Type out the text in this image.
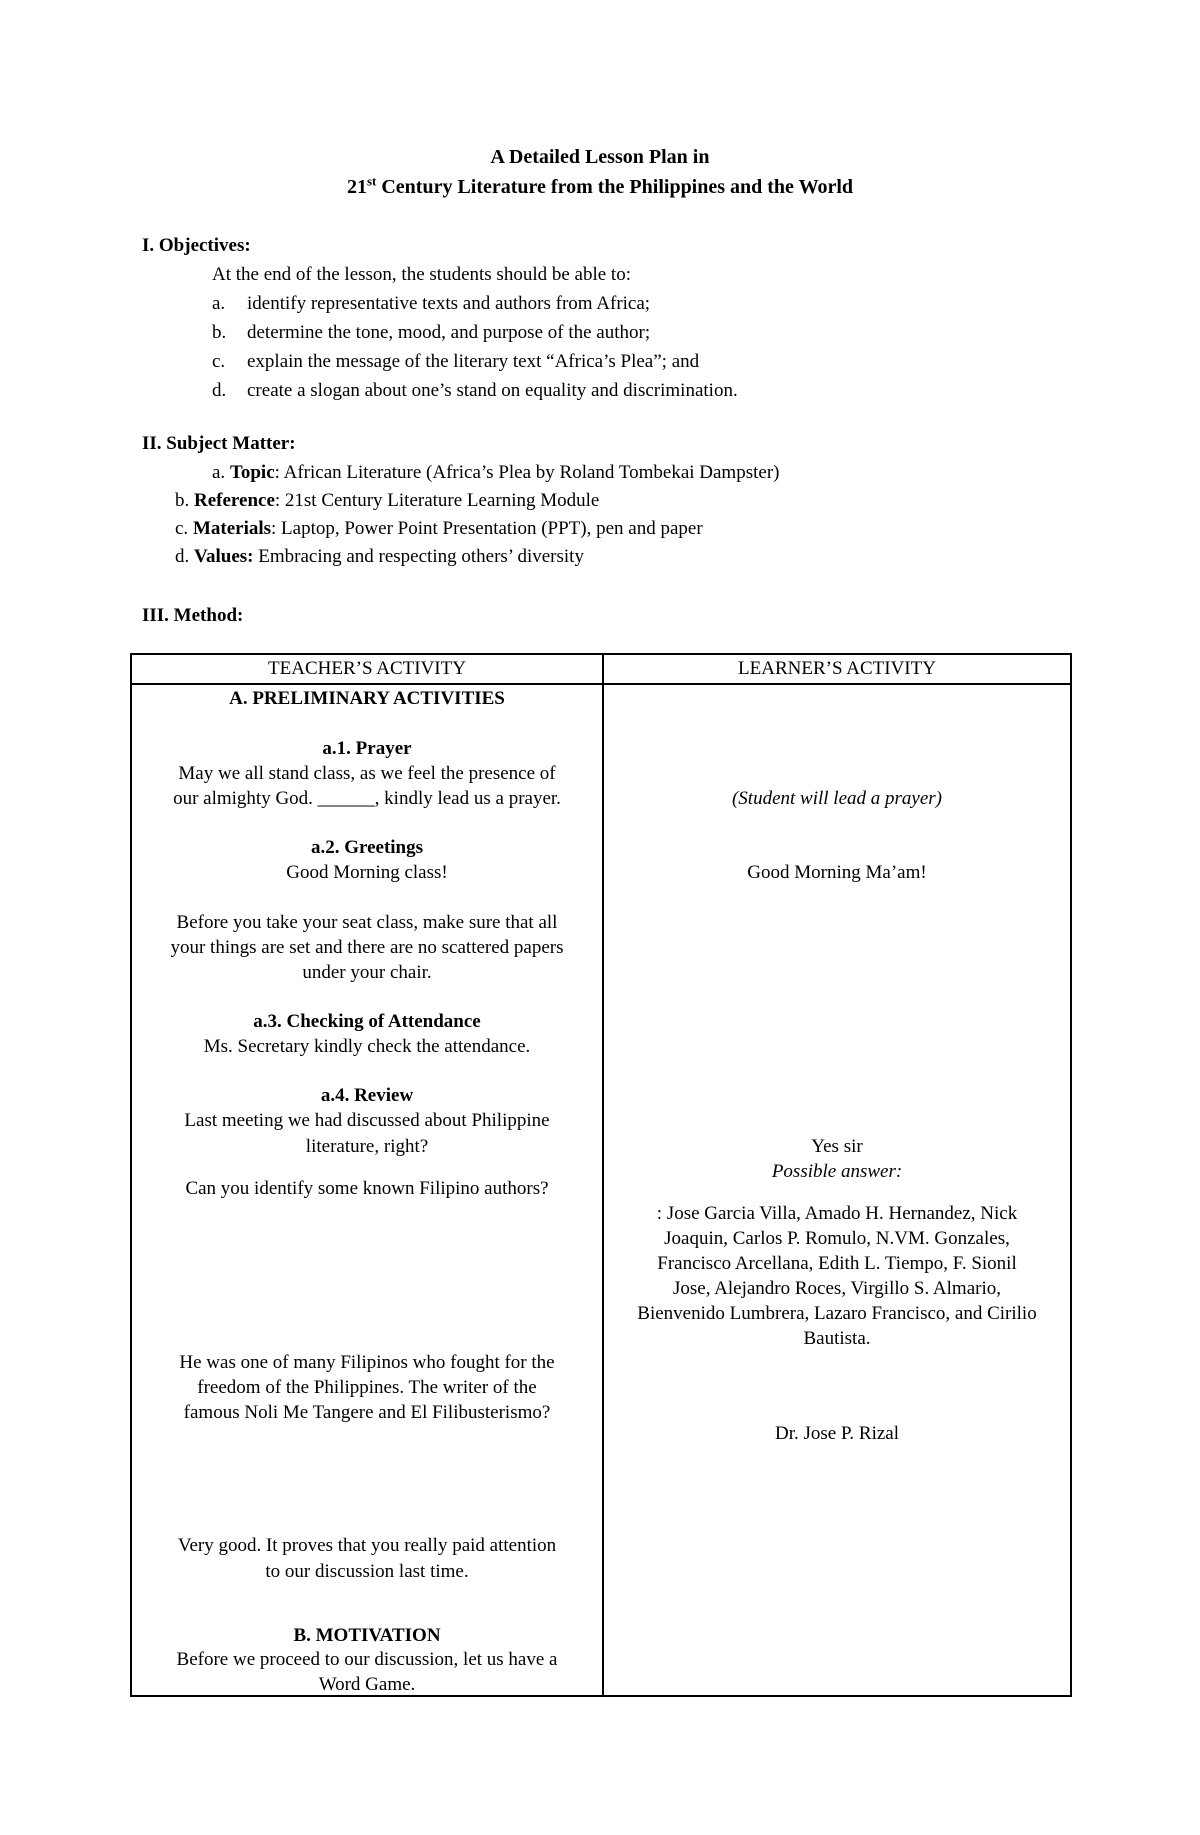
A Detailed Lesson Plan in
21st Century Literature from the Philippines and the World
I. Objectives:
At the end of the lesson, the students should be able to:
a. identify representative texts and authors from Africa;
b. determine the tone, mood, and purpose of the author;
c. explain the message of the literary text “Africa’s Plea”; and
d. create a slogan about one’s stand on equality and discrimination.
II. Subject Matter:
a. Topic: African Literature (Africa’s Plea by Roland Tombekai Dampster)
b. Reference: 21st Century Literature Learning Module
c. Materials: Laptop, Power Point Presentation (PPT), pen and paper
d. Values: Embracing and respecting others’ diversity
III. Method:
TEACHER’S ACTIVITY	LEARNER’S ACTIVITY
A. PRELIMINARY ACTIVITIES
a.1. Prayer
May we all stand class, as we feel the presence of
our almighty God. ______, kindly lead us a prayer.
a.2. Greetings
Good Morning class!
Before you take your seat class, make sure that all
your things are set and there are no scattered papers
under your chair.
a.3. Checking of Attendance
Ms. Secretary kindly check the attendance.
a.4. Review
Last meeting we had discussed about Philippine
literature, right?
Can you identify some known Filipino authors?
He was one of many Filipinos who fought for the
freedom of the Philippines. The writer of the
famous Noli Me Tangere and El Filibusterismo?
Very good. It proves that you really paid attention
to our discussion last time.
B. MOTIVATION
Before we proceed to our discussion, let us have a
Word Game.
(Student will lead a prayer)
Good Morning Ma’am!
Yes sir
Possible answer:
: Jose Garcia Villa, Amado H. Hernandez, Nick
Joaquin, Carlos P. Romulo, N.VM. Gonzales,
Francisco Arcellana, Edith L. Tiempo, F. Sionil
Jose, Alejandro Roces, Virgillo S. Almario,
Bienvenido Lumbrera, Lazaro Francisco, and Cirilio
Bautista.
Dr. Jose P. Rizal
